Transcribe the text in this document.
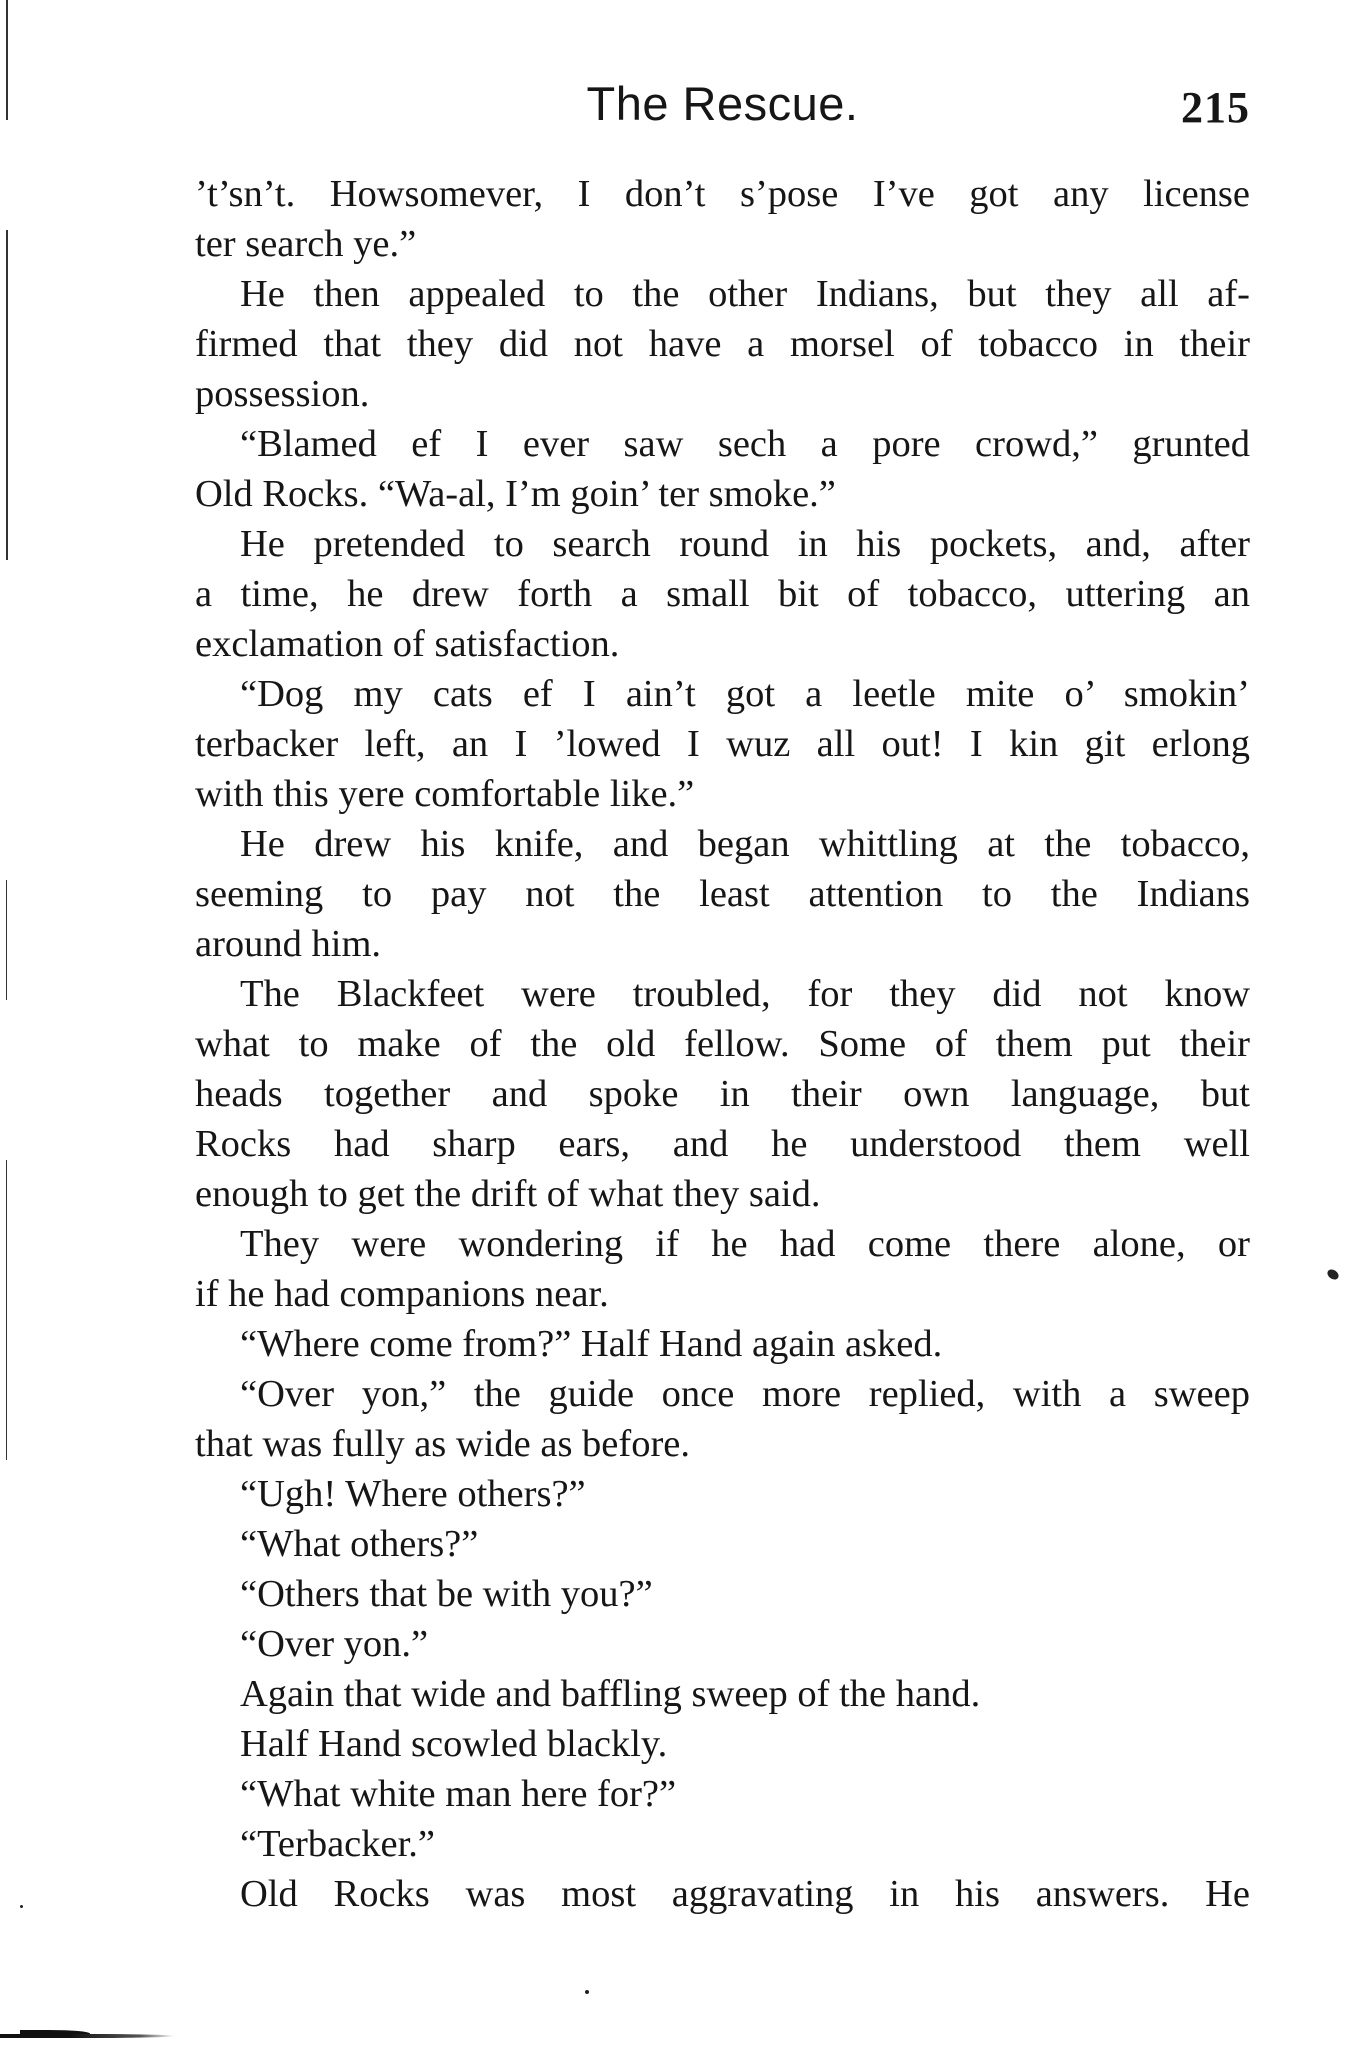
The Rescue.	215
’t’sn’t. Howsomever, I don’t s’pose I’ve got any license
ter search ye.”
He then appealed to the other Indians, but they all af-
firmed that they did not have a morsel of tobacco in their
possession.
“Blamed ef I ever saw sech a pore crowd,” grunted
Old Rocks. “Wa-al, I’m goin’ ter smoke.”
He pretended to search round in his pockets, and, after
a time, he drew forth a small bit of tobacco, uttering an
exclamation of satisfaction.
“Dog my cats ef I ain’t got a leetle mite o’ smokin’
terbacker left, an I ’lowed I wuz all out! I kin git erlong
with this yere comfortable like.”
He drew his knife, and began whittling at the tobacco,
seeming to pay not the least attention to the Indians
around him.
The Blackfeet were troubled, for they did not know
what to make of the old fellow. Some of them put their
heads together and spoke in their own language, but
Rocks had sharp ears, and he understood them well
enough to get the drift of what they said.
They were wondering if he had come there alone, or
if he had companions near.
“Where come from?” Half Hand again asked.
“Over yon,” the guide once more replied, with a sweep
that was fully as wide as before.
“Ugh! Where others?”
“What others?”
“Others that be with you?”
“Over yon.”
Again that wide and baffling sweep of the hand.
Half Hand scowled blackly.
“What white man here for?”
“Terbacker.”
Old Rocks was most aggravating in his answers. He
